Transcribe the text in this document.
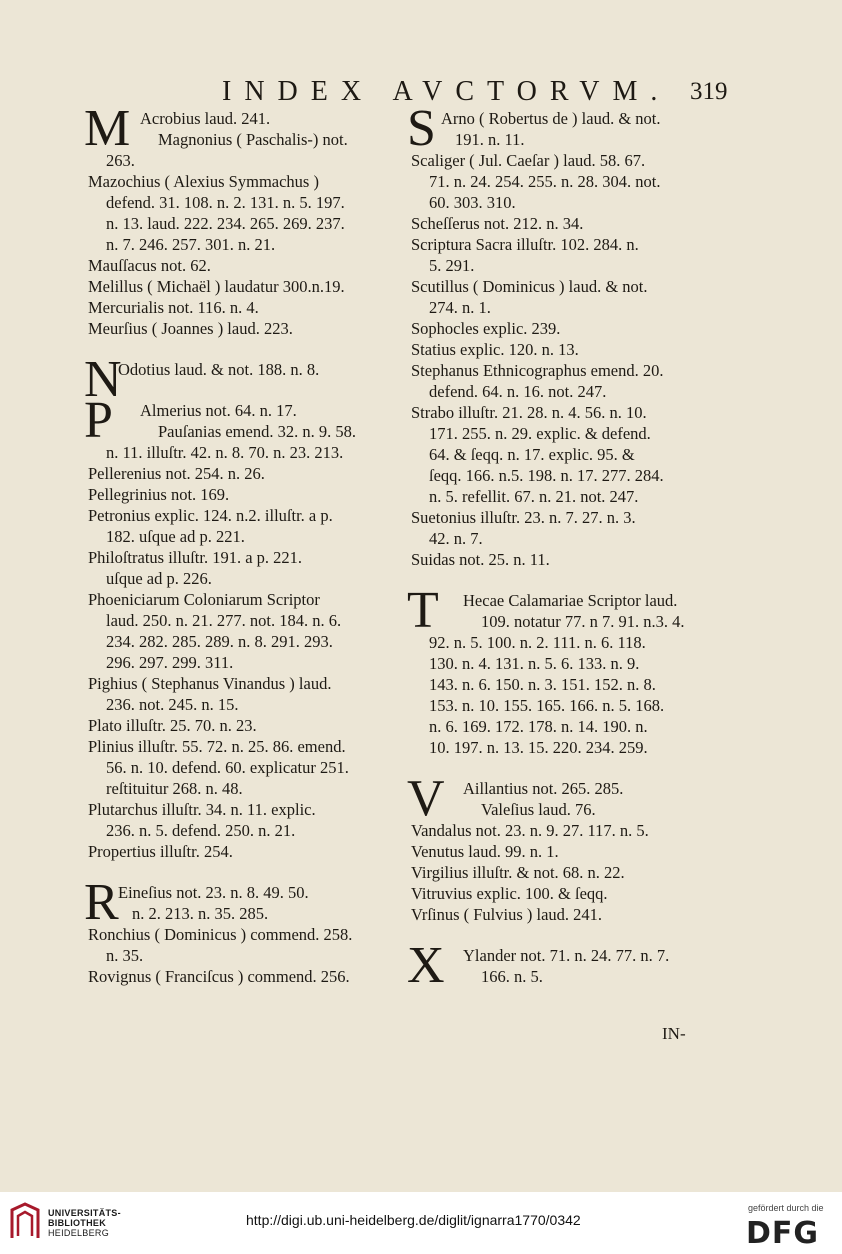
INDEX AVCTORVM. 319
M Acrobius laud. 241.
Magnonius ( Paschalis-) not.
263.
Mazochius ( Alexius Symmachus )
defend. 31. 108. n. 2. 131. n. 5. 197.
n. 13. laud. 222. 234. 265. 269. 237.
n. 7. 246. 257. 301. n. 21.
Mauſſacus not. 62.
Melillus ( Michaël ) laudatur 300.n.19.
Mercurialis not. 116. n. 4.
Meurſius ( Joannes ) laud. 223.
N
Odotius laud. & not. 188. n. 8.
P	Almerius not. 64. n. 17.
Pauſanias emend. 32. n. 9. 58.
n. 11. illuſtr. 42. n. 8. 70. n. 23. 213.
Pellerenius not. 254. n. 26.
Pellegrinius not. 169.
Petronius explic. 124. n.2. illuſtr. a p.
182. uſque ad p. 221.
Philoſtratus illuſtr. 191. a p. 221.
uſque ad p. 226.
Phoeniciarum Coloniarum Scriptor
laud. 250. n. 21. 277. not. 184. n. 6.
234. 282. 285. 289. n. 8. 291. 293.
296. 297. 299. 311.
Pighius ( Stephanus Vinandus ) laud.
236. not. 245. n. 15.
Plato illuſtr. 25. 70. n. 23.
Plinius illuſtr. 55. 72. n. 25. 86. emend.
56. n. 10. defend. 60. explicatur 251.
reſtituitur 268. n. 48.
Plutarchus illuſtr. 34. n. 11. explic.
236. n. 5. defend. 250. n. 21.
Propertius illuſtr. 254.
R Eineſius not. 23. n. 8. 49. 50.
n. 2. 213. n. 35. 285.
Ronchius ( Dominicus ) commend. 258.
n. 35.
Rovignus ( Franciſcus ) commend. 256.
S Arno ( Robertus de ) laud. & not.
191. n. 11.
Scaliger ( Jul. Caeſar ) laud. 58. 67.
71. n. 24. 254. 255. n. 28. 304. not.
60. 303. 310.
Scheſſerus not. 212. n. 34.
Scriptura Sacra illuſtr. 102. 284. n.
5. 291.
Scutillus ( Dominicus ) laud. & not.
274. n. 1.
Sophocles explic. 239.
Statius explic. 120. n. 13.
Stephanus Ethnicographus emend. 20.
defend. 64. n. 16. not. 247.
Strabo illuſtr. 21. 28. n. 4. 56. n. 10.
171. 255. n. 29. explic. & defend.
64. & ſeqq. n. 17. explic. 95. &
ſeqq. 166. n.5. 198. n. 17. 277. 284.
n. 5. refellit. 67. n. 21. not. 247.
Suetonius illuſtr. 23. n. 7. 27. n. 3.
42. n. 7.
Suidas not. 25. n. 11.
T	Hecae Calamariae Scriptor laud.
109. notatur 77. n 7. 91. n.3. 4.
92. n. 5. 100. n. 2. 111. n. 6. 118.
130. n. 4. 131. n. 5. 6. 133. n. 9.
143. n. 6. 150. n. 3. 151. 152. n. 8.
153. n. 10. 155. 165. 166. n. 5. 168.
n. 6. 169. 172. 178. n. 14. 190. n.
10. 197. n. 13. 15. 220. 234. 259.
V	Aillantius not. 265. 285.
Valeſius laud. 76.
Vandalus not. 23. n. 9. 27. 117. n. 5.
Venutus laud. 99. n. 1.
Virgilius illuſtr. & not. 68. n. 22.
Vitruvius explic. 100. & ſeqq.
Vrſinus ( Fulvius ) laud. 241.
X	Ylander not. 71. n. 24. 77. n. 7.
166. n. 5.
IN-
UNIVERSITÄTS-
BIBLIOTHEK
HEIDELBERG
http://digi.ub.uni-heidelberg.de/diglit/ignarra1770/0342
gefördert durch die
DFG
